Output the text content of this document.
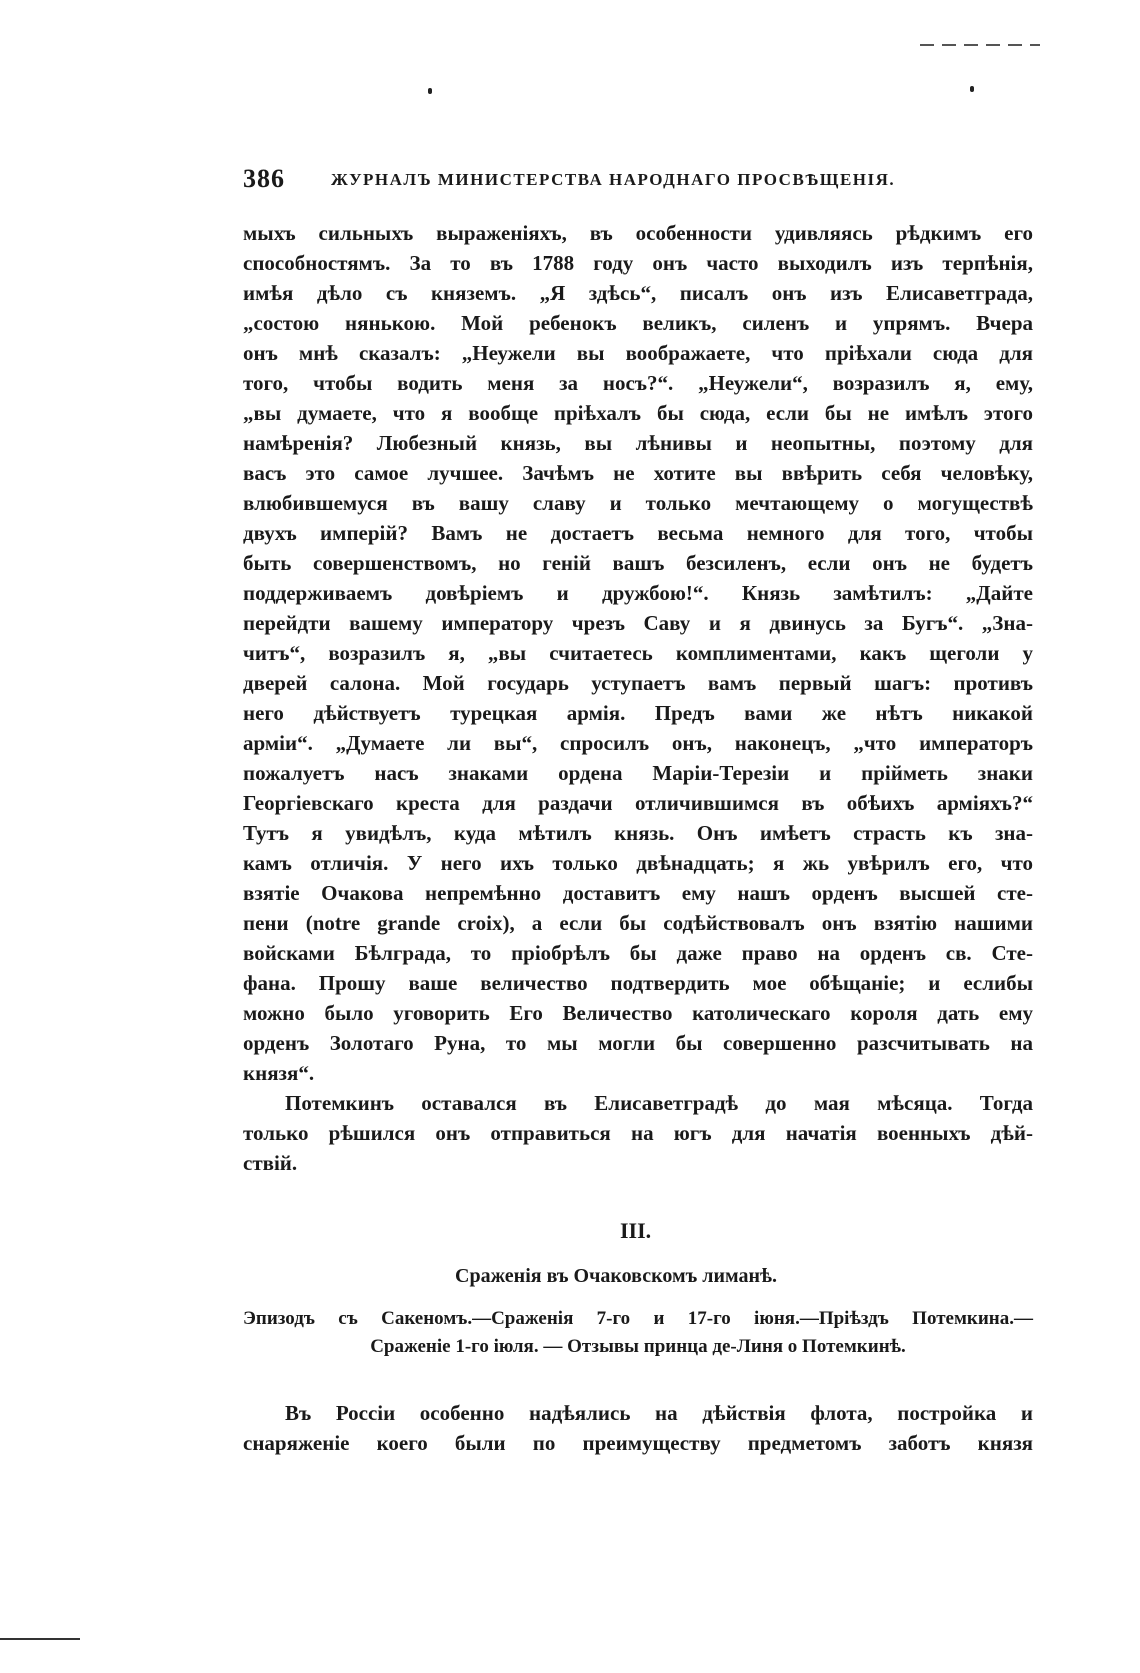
386	ЖУРНАЛЪ МИНИСТЕРСТВА НАРОДНАГО ПРОСВѢЩЕНІЯ.
мыхъ сильныхъ выраженіяхъ, въ особенности удивляясь рѣдкимъ его
способностямъ. За то въ 1788 году онъ часто выходилъ изъ терпѣнія,
имѣя дѣло съ княземъ. „Я здѣсь“, писалъ онъ изъ Елисаветграда,
„состою нянькою. Мой ребенокъ великъ, силенъ и упрямъ. Вчера
онъ мнѣ сказалъ: „Неужели вы воображаете, что пріѣхали сюда для
того, чтобы водить меня за носъ?“. „Неужели“, возразилъ я, ему,
„вы думаете, что я вообще пріѣхалъ бы сюда, если бы не имѣлъ этого
намѣренія? Любезный князь, вы лѣнивы и неопытны, поэтому для
васъ это самое лучшее. Зачѣмъ не хотите вы ввѣрить себя человѣку,
влюбившемуся въ вашу славу и только мечтающему о могуществѣ
двухъ имперій? Вамъ не достаетъ весьма немного для того, чтобы
быть совершенствомъ, но геній вашъ безсиленъ, если онъ не будетъ
поддерживаемъ довѣріемъ и дружбою!“. Князь замѣтилъ: „Дайте
перейдти вашему императору чрезъ Саву и я двинусь за Бугъ“. „Зна-
читъ“, возразилъ я, „вы считаетесь комплиментами, какъ щеголи у
дверей салона. Мой государь уступаетъ вамъ первый шагъ: противъ
него дѣйствуетъ турецкая армія. Предъ вами же нѣтъ никакой
арміи“. „Думаете ли вы“, спросилъ онъ, наконецъ, „что императоръ
пожалуетъ насъ знаками ордена Маріи-Терезіи и прійметь знаки
Георгіевскаго креста для раздачи отличившимся въ обѣихъ арміяхъ?“
Тутъ я увидѣлъ, куда мѣтилъ князь. Онъ имѣетъ страсть къ зна-
камъ отличія. У него ихъ только двѣнадцать; я жь увѣрилъ его, что
взятіе Очакова непремѣнно доставитъ ему нашъ орденъ высшей сте-
пени (notre grande croix), а если бы содѣйствовалъ онъ взятію нашими
войсками Бѣлграда, то пріобрѣлъ бы даже право на орденъ св. Сте-
фана. Прошу ваше величество подтвердить мое обѣщаніе; и еслибы
можно было уговорить Его Величество католическаго короля дать ему
орденъ Золотаго Руна, то мы могли бы совершенно разсчитывать на
князя“.
Потемкинъ оставался въ Елисаветградѣ до мая мѣсяца. Тогда
только рѣшился онъ отправиться на югъ для начатія военныхъ дѣй-
ствій.
III.
Сраженія въ Очаковскомъ лиманѣ.
Эпизодъ съ Сакеномъ.—Сраженія 7-го и 17-го іюня.—Пріѣздъ Потемкина.—
Сраженіе 1-го іюля. — Отзывы принца де-Линя о Потемкинѣ.
Въ Россіи особенно надѣялись на дѣйствія флота, постройка и
снаряженіе коего были по преимуществу предметомъ заботъ князя
